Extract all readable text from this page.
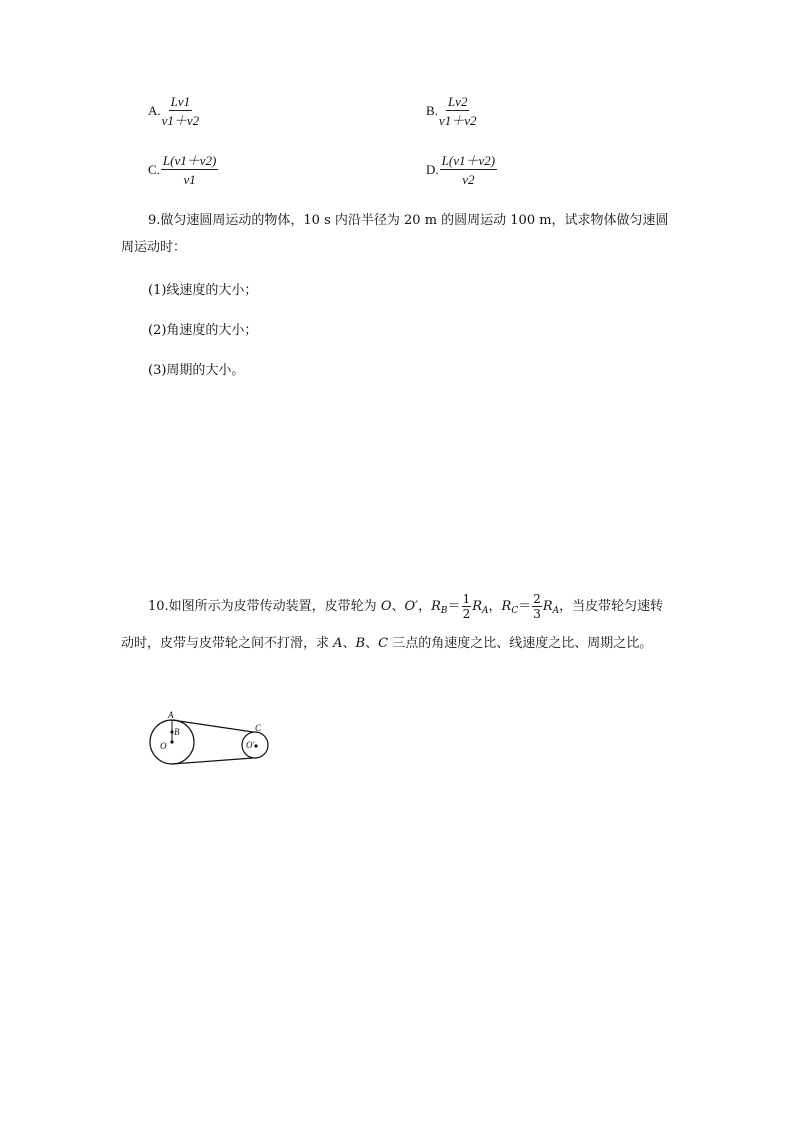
A. $\frac{Lv1}{v1+v2}$	B. $\frac{Lv2}{v1+v2}$
C. $\frac{L(v1+v2)}{v1}$	D. $\frac{L(v1+v2)}{v2}$
9.做匀速圆周运动的物体，10 s 内沿半径为 20 m 的圆周运动 100 m，试求物体做匀速圆
周运动时：
(1)线速度的大小；
(2)角速度的大小；
(3)周期的大小。
10.如图所示为皮带传动装置，皮带轮为 O、O′，$R_B= \frac{1}{2} R_A$，$R_C= \frac{2}{3} R_A$，当皮带轮匀速转
动时，皮带与皮带轮之间不打滑，求 A、B、C 三点的角速度之比、线速度之比、周期之比。
A
B	C
O	O′
